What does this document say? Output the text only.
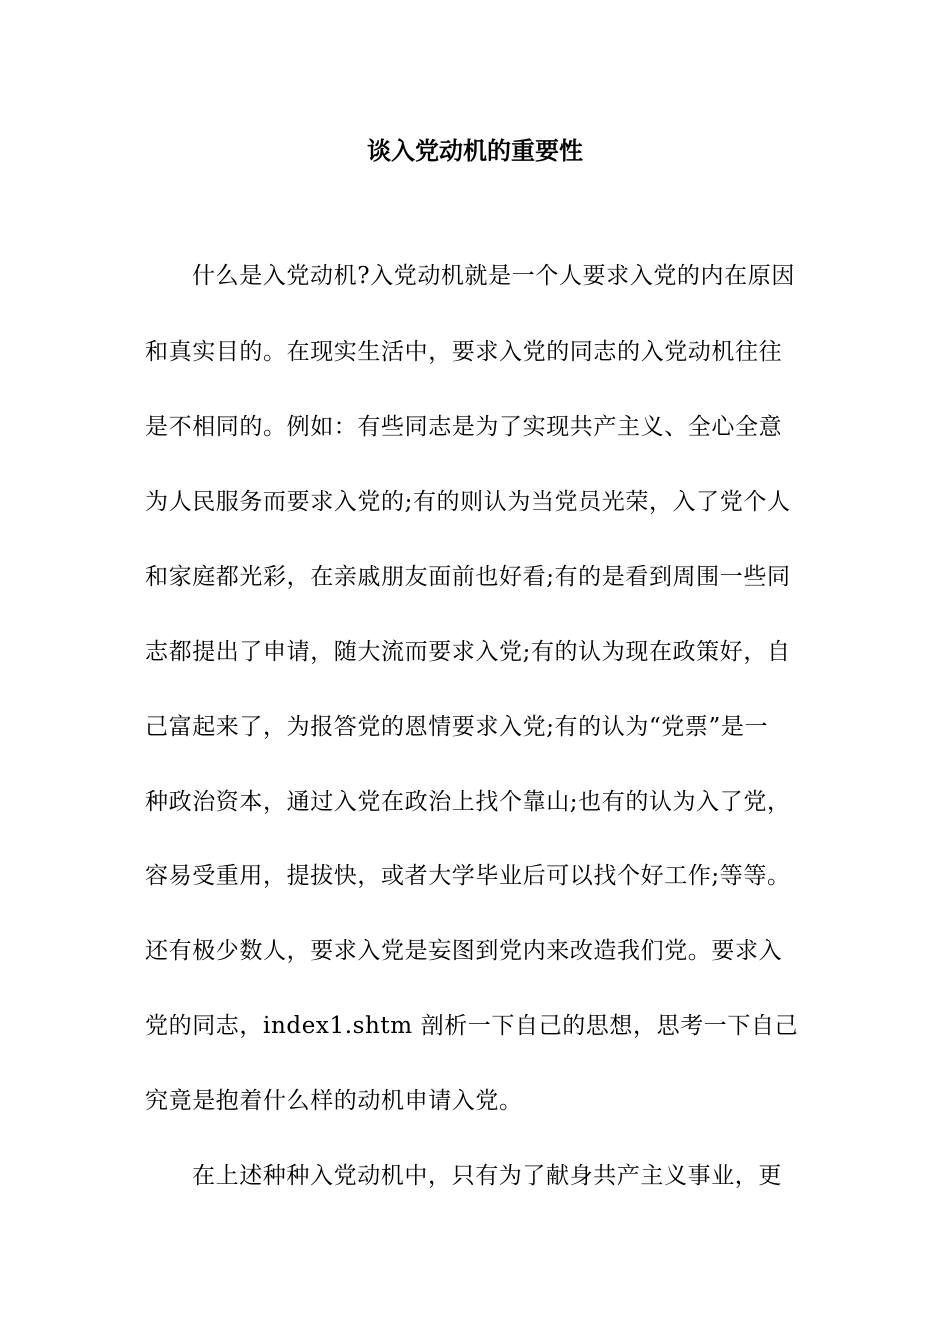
谈入党动机的重要性
什么是入党动机?入党动机就是一个人要求入党的内在原因
和真实目的。在现实生活中，要求入党的同志的入党动机往往
是不相同的。例如：有些同志是为了实现共产主义、全心全意
为人民服务而要求入党的;有的则认为当党员光荣，入了党个人
和家庭都光彩，在亲戚朋友面前也好看;有的是看到周围一些同
志都提出了申请，随大流而要求入党;有的认为现在政策好，自
己富起来了，为报答党的恩情要求入党;有的认为“党票”是一
种政治资本，通过入党在政治上找个靠山;也有的认为入了党，
容易受重用，提拔快，或者大学毕业后可以找个好工作;等等。
还有极少数人，要求入党是妄图到党内来改造我们党。要求入
党的同志，index1.shtm 剖析一下自己的思想，思考一下自己
究竟是抱着什么样的动机申请入党。
在上述种种入党动机中，只有为了献身共产主义事业，更
